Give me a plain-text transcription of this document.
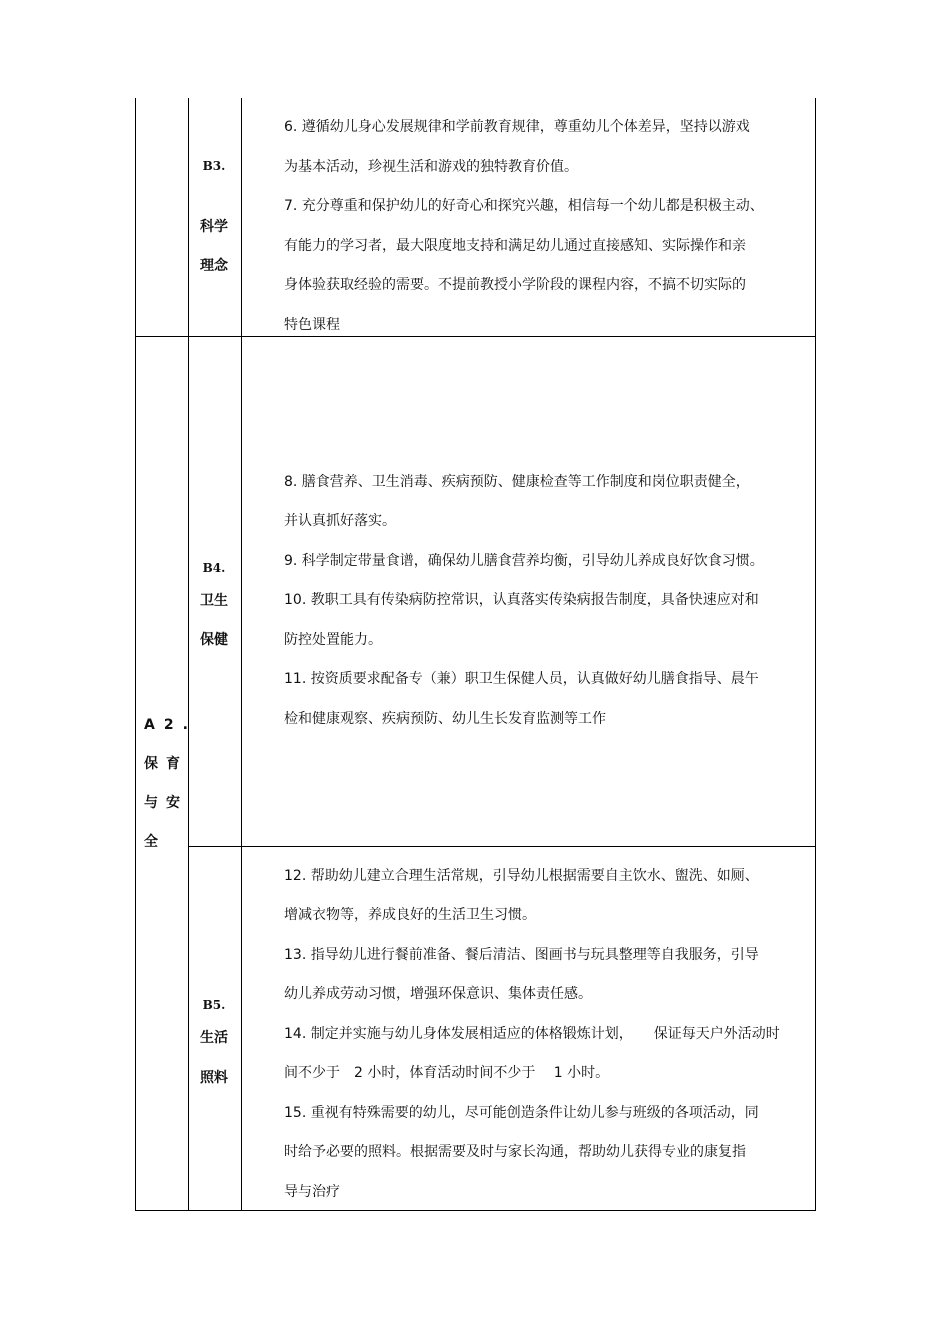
A 2 .
保 育
与 安
全
B3.
科学
理念
6. 遵循幼儿身心发展规律和学前教育规律，尊重幼儿个体差异，坚持以游戏
为基本活动，珍视生活和游戏的独特教育价值。
7. 充分尊重和保护幼儿的好奇心和探究兴趣，相信每一个幼儿都是积极主动、
有能力的学习者，最大限度地支持和满足幼儿通过直接感知、实际操作和亲
身体验获取经验的需要。不提前教授小学阶段的课程内容，不搞不切实际的
特色课程
B4.
卫生
保健
8. 膳食营养、卫生消毒、疾病预防、健康检查等工作制度和岗位职责健全，
并认真抓好落实。
9. 科学制定带量食谱，确保幼儿膳食营养均衡，引导幼儿养成良好饮食习惯。
10. 教职工具有传染病防控常识，认真落实传染病报告制度，具备快速应对和
防控处置能力。
11. 按资质要求配备专（兼）职卫生保健人员，认真做好幼儿膳食指导、晨午
检和健康观察、疾病预防、幼儿生长发育监测等工作
B5.
生活
照料
12. 帮助幼儿建立合理生活常规，引导幼儿根据需要自主饮水、盥洗、如厕、
增减衣物等，养成良好的生活卫生习惯。
13. 指导幼儿进行餐前准备、餐后清洁、图画书与玩具整理等自我服务，引导
幼儿养成劳动习惯，增强环保意识、集体责任感。
14. 制定并实施与幼儿身体发展相适应的体格锻炼计划，　　保证每天户外活动时
间不少于　2 小时，体育活动时间不少于　 1 小时。
15. 重视有特殊需要的幼儿，尽可能创造条件让幼儿参与班级的各项活动，同
时给予必要的照料。根据需要及时与家长沟通，帮助幼儿获得专业的康复指
导与治疗
